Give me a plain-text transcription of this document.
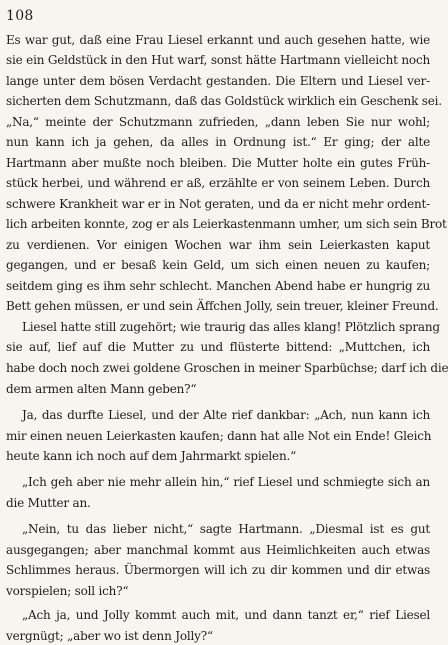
108
Es war gut, daß eine Frau Liesel erkannt und auch gesehen hatte, wie
sie ein Geldstück in den Hut warf, sonst hätte Hartmann vielleicht noch
lange unter dem bösen Verdacht gestanden. Die Eltern und Liesel ver-
sicherten dem Schutzmann, daß das Goldstück wirklich ein Geschenk sei.
„Na,“ meinte der Schutzmann zufrieden, „dann leben Sie nur wohl;
nun kann ich ja gehen, da alles in Ordnung ist.“ Er ging; der alte
Hartmann aber mußte noch bleiben. Die Mutter holte ein gutes Früh-
stück herbei, und während er aß, erzählte er von seinem Leben. Durch
schwere Krankheit war er in Not geraten, und da er nicht mehr ordent-
lich arbeiten konnte, zog er als Leierkastenmann umher, um sich sein Brot
zu verdienen. Vor einigen Wochen war ihm sein Leierkasten kaput
gegangen, und er besaß kein Geld, um sich einen neuen zu kaufen;
seitdem ging es ihm sehr schlecht. Manchen Abend habe er hungrig zu
Bett gehen müssen, er und sein Äffchen Jolly, sein treuer, kleiner Freund.
Liesel hatte still zugehört; wie traurig das alles klang! Plötzlich sprang
sie auf, lief auf die Mutter zu und flüsterte bittend: „Muttchen, ich
habe doch noch zwei goldene Groschen in meiner Sparbüchse; darf ich die
dem armen alten Mann geben?“
Ja, das durfte Liesel, und der Alte rief dankbar: „Ach, nun kann ich
mir einen neuen Leierkasten kaufen; dann hat alle Not ein Ende! Gleich
heute kann ich noch auf dem Jahrmarkt spielen.“
„Ich geh aber nie mehr allein hin,“ rief Liesel und schmiegte sich an
die Mutter an.
„Nein, tu das lieber nicht,“ sagte Hartmann. „Diesmal ist es gut
ausgegangen; aber manchmal kommt aus Heimlichkeiten auch etwas
Schlimmes heraus. Übermorgen will ich zu dir kommen und dir etwas
vorspielen; soll ich?“
„Ach ja, und Jolly kommt auch mit, und dann tanzt er,“ rief Liesel
vergnügt; „aber wo ist denn Jolly?“
